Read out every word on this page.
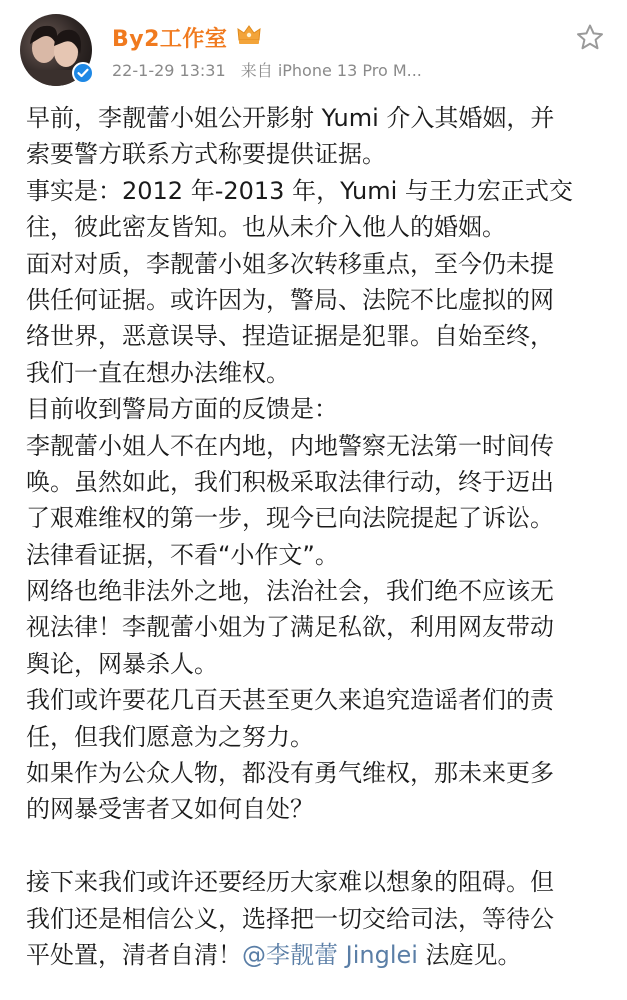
By2工作室
22-1-29 13:31 来自 iPhone 13 Pro M...
早前，李靓蕾小姐公开影射 Yumi 介入其婚姻，并
索要警方联系方式称要提供证据。
事实是：2012 年-2013 年，Yumi 与王力宏正式交
往，彼此密友皆知。也从未介入他人的婚姻。
面对对质，李靓蕾小姐多次转移重点，至今仍未提
供任何证据。或许因为，警局、法院不比虚拟的网
络世界，恶意误导、捏造证据是犯罪。自始至终，
我们一直在想办法维权。
目前收到警局方面的反馈是：
李靓蕾小姐人不在内地，内地警察无法第一时间传
唤。虽然如此，我们积极采取法律行动，终于迈出
了艰难维权的第一步，现今已向法院提起了诉讼。
法律看证据，不看“小作文”。
网络也绝非法外之地，法治社会，我们绝不应该无
视法律！李靓蕾小姐为了满足私欲，利用网友带动
舆论，网暴杀人。
我们或许要花几百天甚至更久来追究造谣者们的责
任，但我们愿意为之努力。
如果作为公众人物，都没有勇气维权，那未来更多
的网暴受害者又如何自处？
接下来我们或许还要经历大家难以想象的阻碍。但
我们还是相信公义，选择把一切交给司法，等待公
平处置，清者自清！@李靓蕾 Jinglei 法庭见。
